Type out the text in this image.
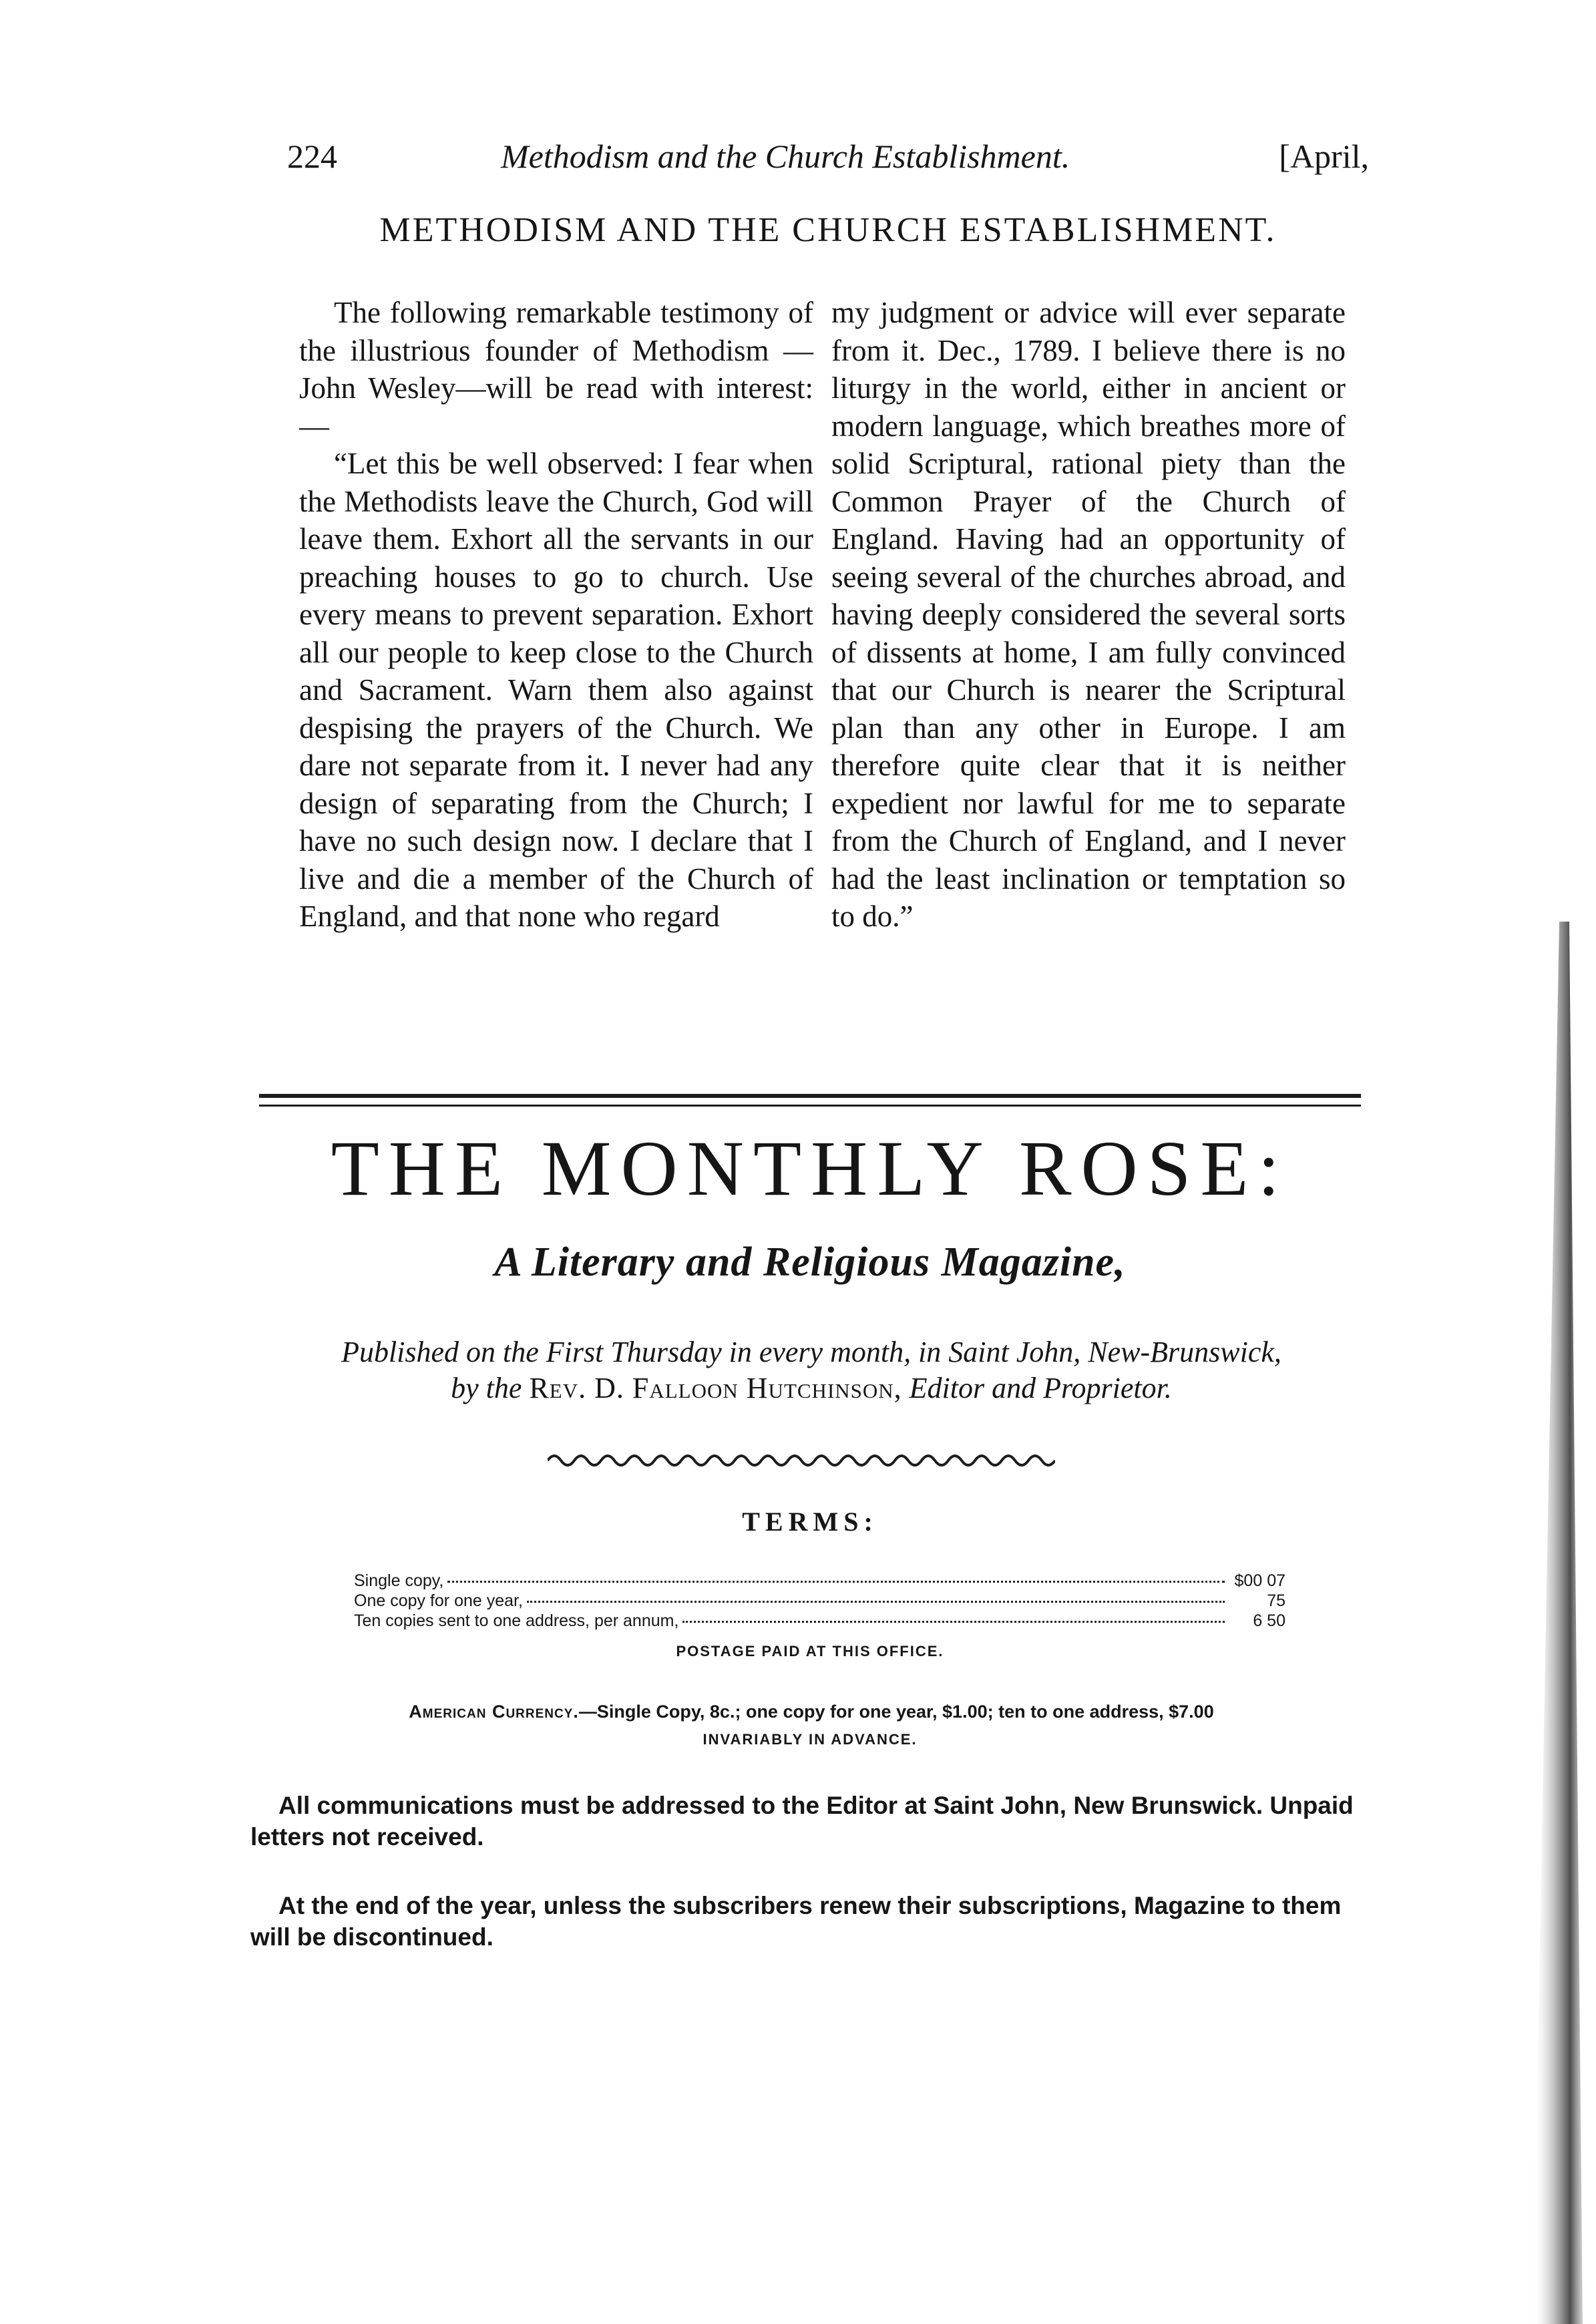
224	Methodism and the Church Establishment.	[April,
METHODISM AND THE CHURCH ESTABLISHMENT.

The following remarkable testimony of the illustrious founder of Methodism — John Wesley—will be read with interest:—

“Let this be well observed: I fear when the Methodists leave the Church, God will leave them. Exhort all the servants in our preaching houses to go to church. Use every means to prevent separation. Exhort all our people to keep close to the Church and Sacrament. Warn them also against despising the prayers of the Church. We dare not separate from it. I never had any design of separating from the Church; I have no such design now. I declare that I live and die a member of the Church of England, and that none who regard

my judgment or advice will ever separate from it. Dec., 1789. I believe there is no liturgy in the world, either in ancient or modern language, which breathes more of solid Scriptural, rational piety than the Common Prayer of the Church of England. Having had an opportunity of seeing several of the churches abroad, and having deeply considered the several sorts of dissents at home, I am fully convinced that our Church is nearer the Scriptural plan than any other in Europe. I am therefore quite clear that it is neither expedient nor lawful for me to separate from the Church of England, and I never had the least inclination or temptation so to do.”

THE MONTHLY ROSE:
A Literary and Religious Magazine,
Published on the First Thursday in every month, in Saint John, New-Brunswick,
by the Rev. D. Falloon Hutchinson, Editor and Proprietor.
TERMS:
Single copy,	$00 07
One copy for one year,	75
Ten copies sent to one address, per annum,	6 50
POSTAGE PAID AT THIS OFFICE.
American Currency.—Single Copy, 8c.; one copy for one year, $1.00; ten to one address, $7.00
INVARIABLY IN ADVANCE.
All communications must be addressed to the Editor at Saint John, New Brunswick. Unpaid letters not received.
At the end of the year, unless the subscribers renew their subscriptions, Magazine to them will be discontinued.
